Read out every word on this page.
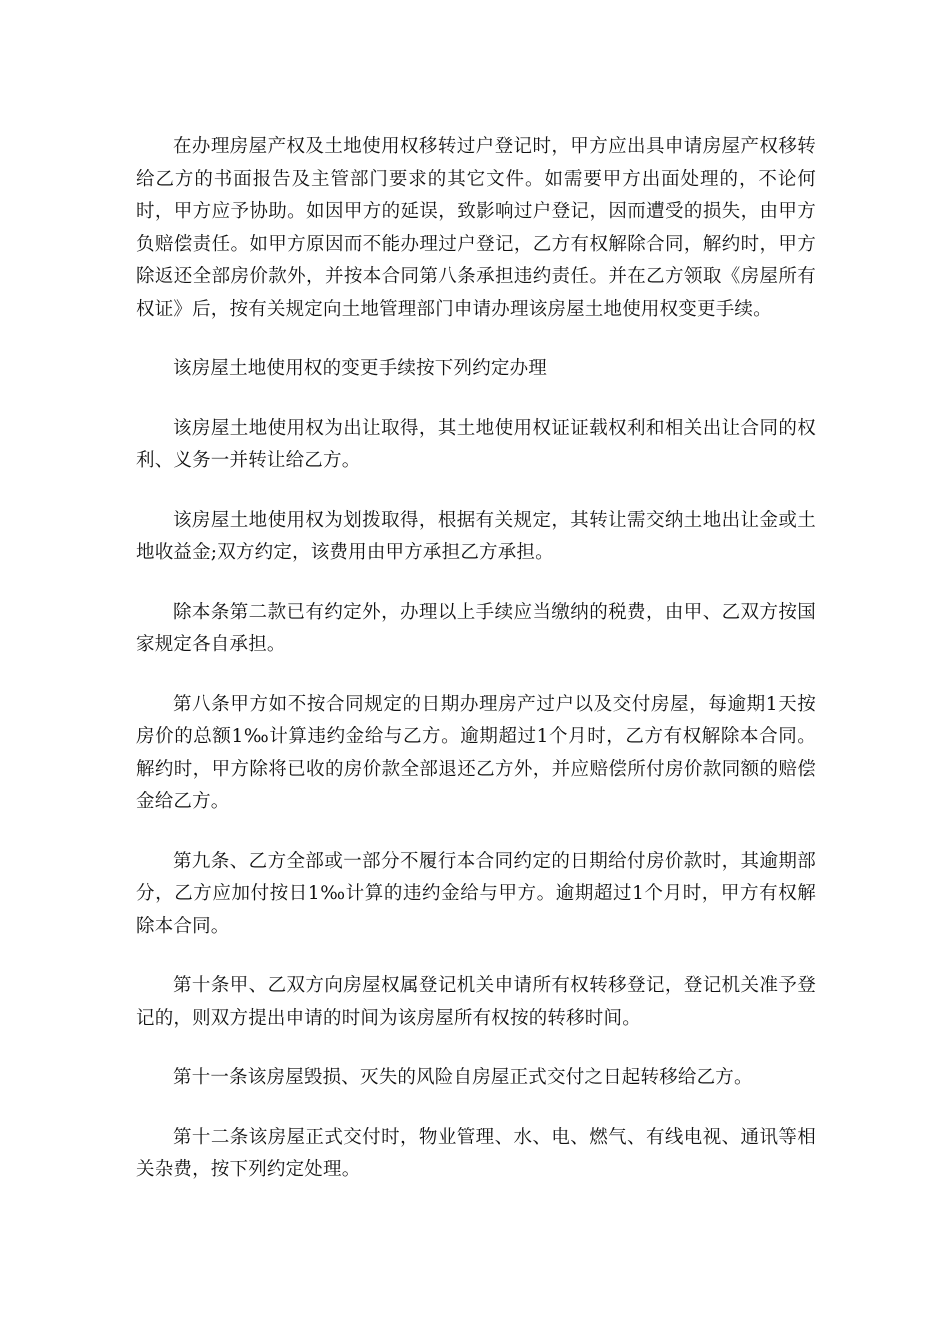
在办理房屋产权及土地使用权移转过户登记时，甲方应出具申请房屋产权移转给乙方的书面报告及主管部门要求的其它文件。如需要甲方出面处理的，不论何时，甲方应予协助。如因甲方的延误，致影响过户登记，因而遭受的损失，由甲方负赔偿责任。如甲方原因而不能办理过户登记，乙方有权解除合同，解约时，甲方除返还全部房价款外，并按本合同第八条承担违约责任。并在乙方领取《房屋所有权证》后，按有关规定向土地管理部门申请办理该房屋土地使用权变更手续。

该房屋土地使用权的变更手续按下列约定办理

该房屋土地使用权为出让取得，其土地使用权证证载权利和相关出让合同的权利、义务一并转让给乙方。

该房屋土地使用权为划拨取得，根据有关规定，其转让需交纳土地出让金或土地收益金;双方约定，该费用由甲方承担乙方承担。

除本条第二款已有约定外，办理以上手续应当缴纳的税费，由甲、乙双方按国家规定各自承担。

第八条甲方如不按合同规定的日期办理房产过户以及交付房屋，每逾期1天按房价的总额1‰计算违约金给与乙方。逾期超过1个月时，乙方有权解除本合同。解约时，甲方除将已收的房价款全部退还乙方外，并应赔偿所付房价款同额的赔偿金给乙方。

第九条、乙方全部或一部分不履行本合同约定的日期给付房价款时，其逾期部分，乙方应加付按日1‰计算的违约金给与甲方。逾期超过1个月时，甲方有权解除本合同。

第十条甲、乙双方向房屋权属登记机关申请所有权转移登记，登记机关准予登记的，则双方提出申请的时间为该房屋所有权按的转移时间。

第十一条该房屋毁损、灭失的风险自房屋正式交付之日起转移给乙方。

第十二条该房屋正式交付时，物业管理、水、电、燃气、有线电视、通讯等相关杂费，按下列约定处理。
